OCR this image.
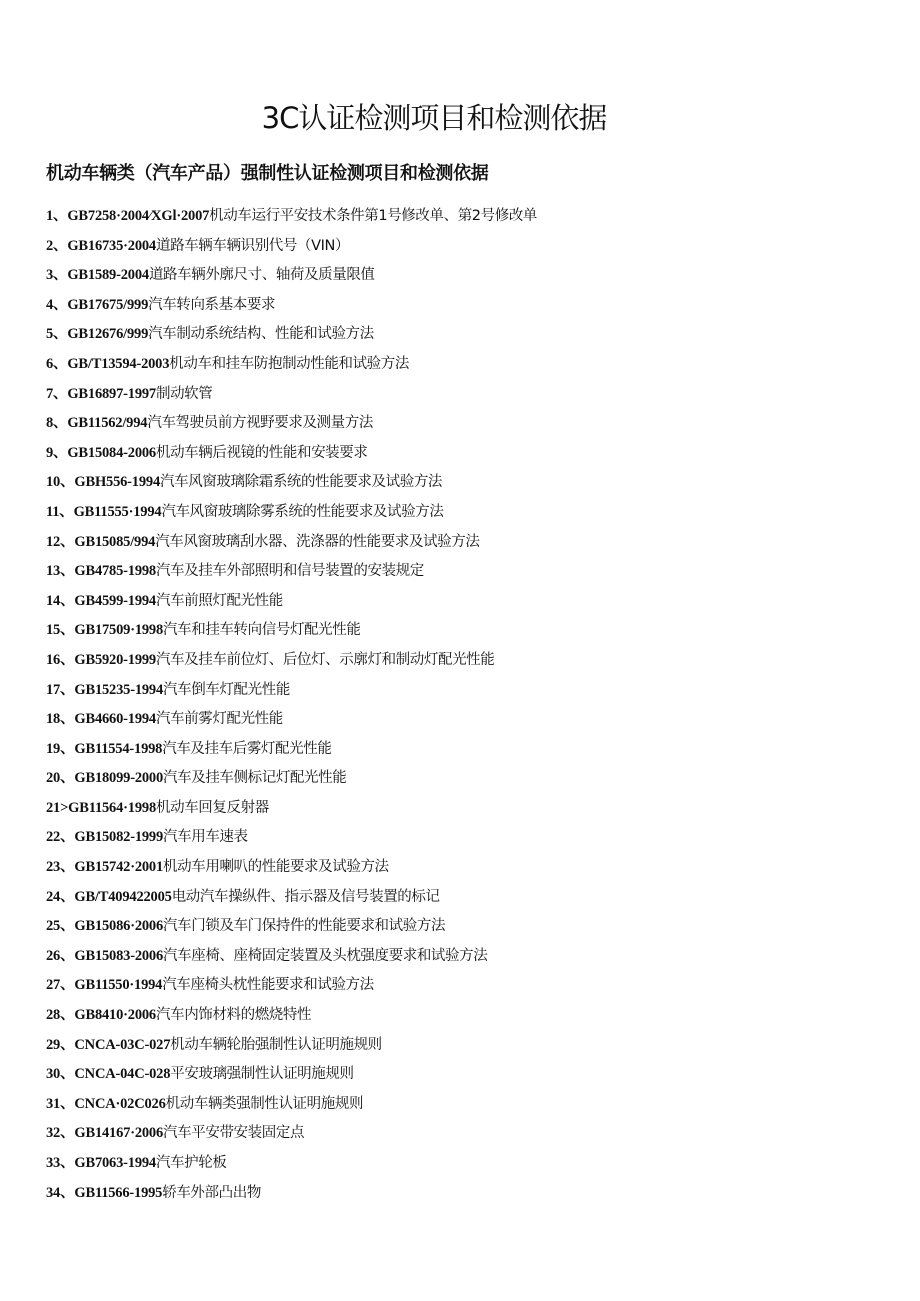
3C认证检测项目和检测依据
机动车辆类（汽车产品）强制性认证检测项目和检测依据
1、GB7258·2004⁄XGl·2007机动车运行平安技术条件第1号修改单、第2号修改单
2、GB16735·2004道路车辆车辆识别代号（VIN）
3、GB1589-2004道路车辆外廓尺寸、轴荷及质量限值
4、GB17675/999汽车转向系基本要求
5、GB12676/999汽车制动系统结构、性能和试验方法
6、GB/T13594-2003机动车和挂车防抱制动性能和试验方法
7、GB16897-1997制动软管
8、GB11562/994汽车驾驶员前方视野要求及测量方法
9、GB15084-2006机动车辆后视镜的性能和安装要求
10、GBH556-1994汽车风窗玻璃除霜系统的性能要求及试验方法
11、GB11555·1994汽车风窗玻璃除雾系统的性能要求及试验方法
12、GB15085/994汽车风窗玻璃刮水器、洗涤器的性能要求及试验方法
13、GB4785-1998汽车及挂车外部照明和信号装置的安装规定
14、GB4599-1994汽车前照灯配光性能
15、GB17509·1998汽车和挂车转向信号灯配光性能
16、GB5920-1999汽车及挂车前位灯、后位灯、示廓灯和制动灯配光性能
17、GB15235-1994汽车倒车灯配光性能
18、GB4660-1994汽车前雾灯配光性能
19、GB11554-1998汽车及挂车后雾灯配光性能
20、GB18099-2000汽车及挂车侧标记灯配光性能
21>GB11564·1998机动车回复反射器
22、GB15082-1999汽车用车速表
23、GB15742·2001机动车用喇叭的性能要求及试验方法
24、GB/T409422005电动汽车操纵件、指示器及信号装置的标记
25、GB15086·2006汽车门锁及车门保持件的性能要求和试验方法
26、GB15083-2006汽车座椅、座椅固定装置及头枕强度要求和试验方法
27、GB11550·1994汽车座椅头枕性能要求和试验方法
28、GB8410·2006汽车内饰材料的燃烧特性
29、CNCA-03C-027机动车辆轮胎强制性认证明施规则
30、CNCA-04C-028平安玻璃强制性认证明施规则
31、CNCA·02C026机动车辆类强制性认证明施规则
32、GB14167·2006汽车平安带安装固定点
33、GB7063-1994汽车护轮板
34、GB11566-1995轿车外部凸出物
